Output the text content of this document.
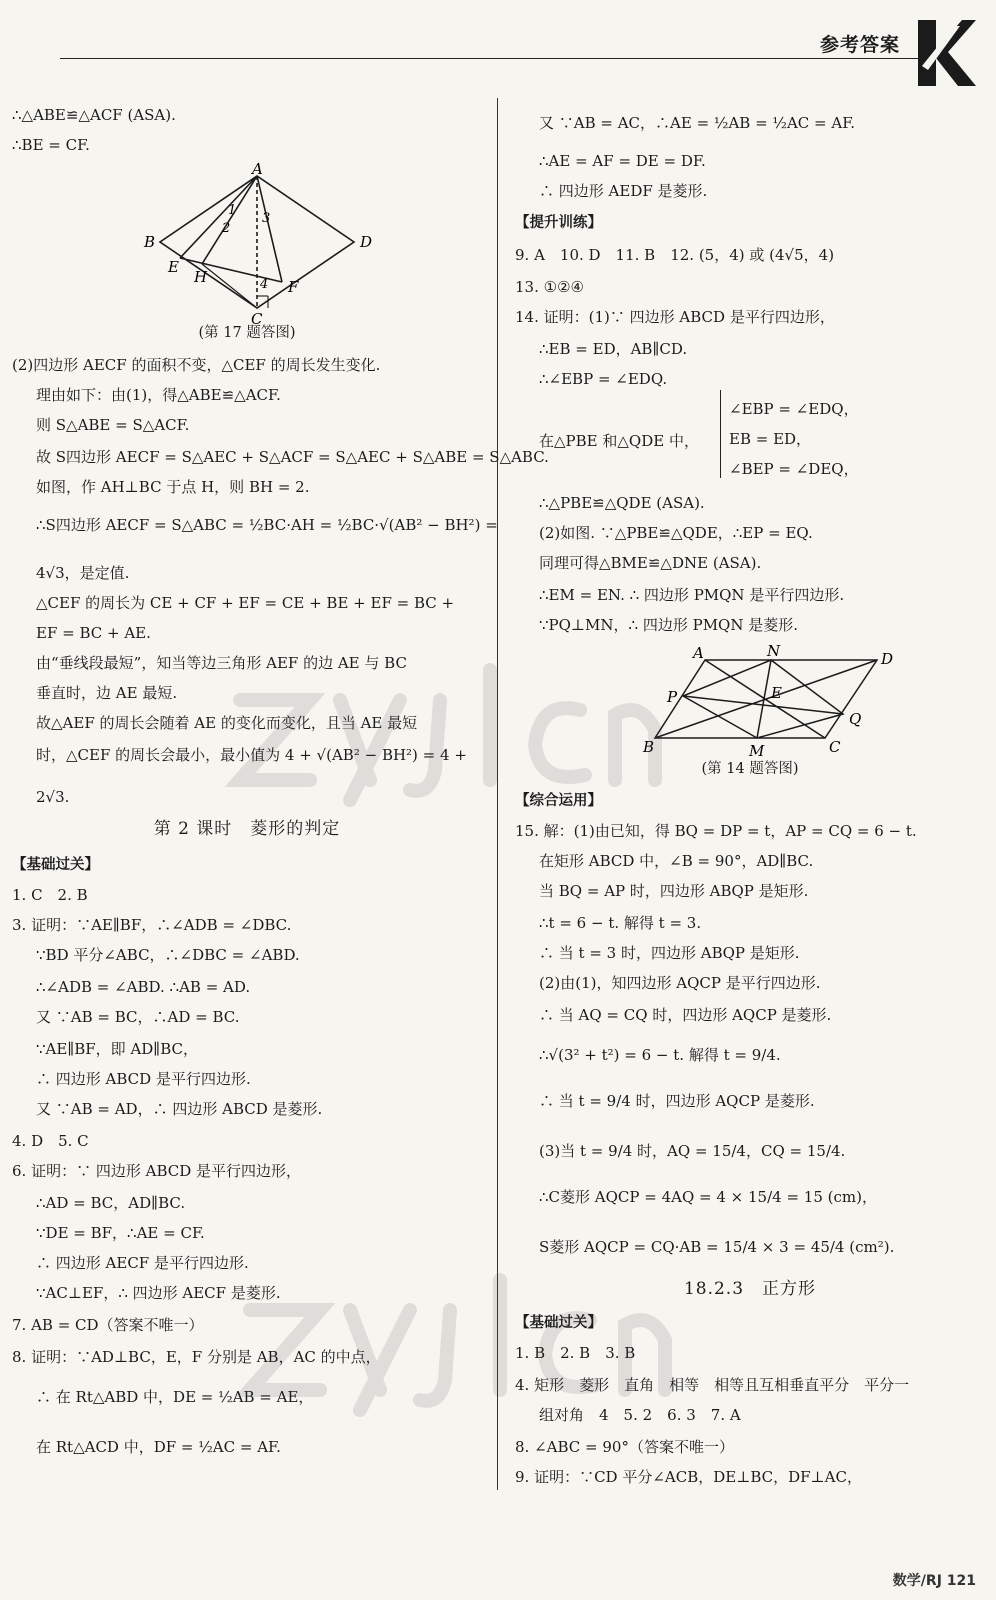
参考答案
∴△ABE≌△ACF (ASA).
∴BE = CF.
A
B
C
D
E
F
H
1
2
3
4
(第 17 题答图)
(2)四边形 AECF 的面积不变，△CEF 的周长发生变化.
理由如下：由(1)，得△ABE≌△ACF.
则 S△ABE = S△ACF.
故 S四边形 AECF = S△AEC + S△ACF = S△AEC + S△ABE = S△ABC.
如图，作 AH⊥BC 于点 H，则 BH = 2.
∴S四边形 AECF = S△ABC = ½BC·AH = ½BC·√(AB² − BH²) =
4√3，是定值.
△CEF 的周长为 CE + CF + EF = CE + BE + EF = BC +
EF = BC + AE.
由“垂线段最短”，知当等边三角形 AEF 的边 AE 与 BC
垂直时，边 AE 最短.
故△AEF 的周长会随着 AE 的变化而变化，且当 AE 最短
时，△CEF 的周长会最小，最小值为 4 + √(AB² − BH²) = 4 +
2√3.
第 2 课时　菱形的判定
【基础过关】
1. C　2. B
3. 证明：∵AE∥BF，∴∠ADB = ∠DBC.
∵BD 平分∠ABC，∴∠DBC = ∠ABD.
∴∠ADB = ∠ABD. ∴AB = AD.
又 ∵AB = BC，∴AD = BC.
∵AE∥BF，即 AD∥BC，
∴ 四边形 ABCD 是平行四边形.
又 ∵AB = AD，∴ 四边形 ABCD 是菱形.
4. D　5. C
6. 证明：∵ 四边形 ABCD 是平行四边形，
∴AD = BC，AD∥BC.
∵DE = BF，∴AE = CF.
∴ 四边形 AECF 是平行四边形.
∵AC⊥EF，∴ 四边形 AECF 是菱形.
7. AB = CD（答案不唯一）
8. 证明：∵AD⊥BC，E，F 分别是 AB，AC 的中点，
∴ 在 Rt△ABD 中，DE = ½AB = AE，
在 Rt△ACD 中，DF = ½AC = AF.
又 ∵AB = AC，∴AE = ½AB = ½AC = AF.
∴AE = AF = DE = DF.
∴ 四边形 AEDF 是菱形.
【提升训练】
9. A　10. D　11. B　12. (5，4) 或 (4√5，4)
13. ①②④
14. 证明：(1)∵ 四边形 ABCD 是平行四边形，
∴EB = ED，AB∥CD.
∴∠EBP = ∠EDQ.
在△PBE 和△QDE 中，
∠EBP = ∠EDQ，
EB = ED，
∠BEP = ∠DEQ，
∴△PBE≌△QDE (ASA).
(2)如图. ∵△PBE≌△QDE，∴EP = EQ.
同理可得△BME≌△DNE (ASA).
∴EM = EN. ∴ 四边形 PMQN 是平行四边形.
∵PQ⊥MN，∴ 四边形 PMQN 是菱形.
A
B	C
D
E
M
N
P
Q
(第 14 题答图)
【综合运用】
15. 解：(1)由已知，得 BQ = DP = t，AP = CQ = 6 − t.
在矩形 ABCD 中，∠B = 90°，AD∥BC.
当 BQ = AP 时，四边形 ABQP 是矩形.
∴t = 6 − t. 解得 t = 3.
∴ 当 t = 3 时，四边形 ABQP 是矩形.
(2)由(1)，知四边形 AQCP 是平行四边形.
∴ 当 AQ = CQ 时，四边形 AQCP 是菱形.
∴√(3² + t²) = 6 − t. 解得 t = 9/4.
∴ 当 t = 9/4 时，四边形 AQCP 是菱形.
(3)当 t = 9/4 时，AQ = 15/4，CQ = 15/4.
∴C菱形 AQCP = 4AQ = 4 × 15/4 = 15 (cm)，
S菱形 AQCP = CQ·AB = 15/4 × 3 = 45/4 (cm²).
18.2.3　正方形
【基础过关】
1. B　2. B　3. B
4. 矩形　菱形　直角　相等　相等且互相垂直平分　平分一
组对角　4　5. 2　6. 3　7. A
8. ∠ABC = 90°（答案不唯一）
9. 证明：∵CD 平分∠ACB，DE⊥BC，DF⊥AC，
数学/RJ 121
